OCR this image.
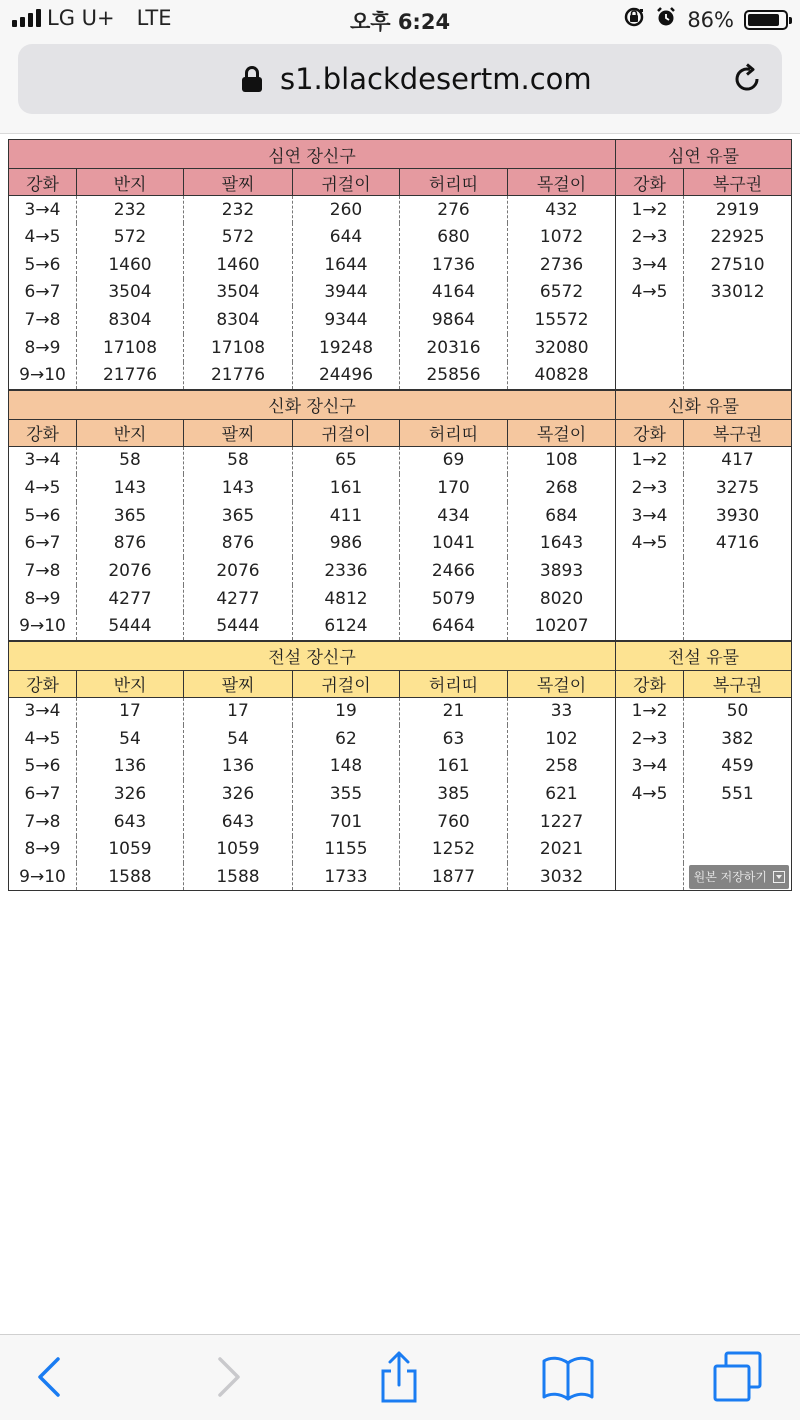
LG U+ LTE	오후 6:24	86%
s1.blackdesertm.com
심연 장신구						심연 유물	
강화	반지	팔찌	귀걸이	허리띠	목걸이	강화	복구권
3→4	232	232	260	276	432	1→2	2919
4→5	572	572	644	680	1072	2→3	22925
5→6	1460	1460	1644	1736	2736	3→4	27510
6→7	3504	3504	3944	4164	6572	4→5	33012
7→8	8304	8304	9344	9864	15572		
8→9	17108	17108	19248	20316	32080		
9→10	21776	21776	24496	25856	40828		
신화 장신구						신화 유물	
강화	반지	팔찌	귀걸이	허리띠	목걸이	강화	복구권
3→4	58	58	65	69	108	1→2	417
4→5	143	143	161	170	268	2→3	3275
5→6	365	365	411	434	684	3→4	3930
6→7	876	876	986	1041	1643	4→5	4716
7→8	2076	2076	2336	2466	3893		
8→9	4277	4277	4812	5079	8020		
9→10	5444	5444	6124	6464	10207		
전설 장신구						전설 유물	
강화	반지	팔찌	귀걸이	허리띠	목걸이	강화	복구권
3→4	17	17	19	21	33	1→2	50
4→5	54	54	62	63	102	2→3	382
5→6	136	136	148	161	258	3→4	459
6→7	326	326	355	385	621	4→5	551
7→8	643	643	701	760	1227		
8→9	1059	1059	1155	1252	2021		
9→10	1588	1588	1733	1877	3032			원본 저장하기
